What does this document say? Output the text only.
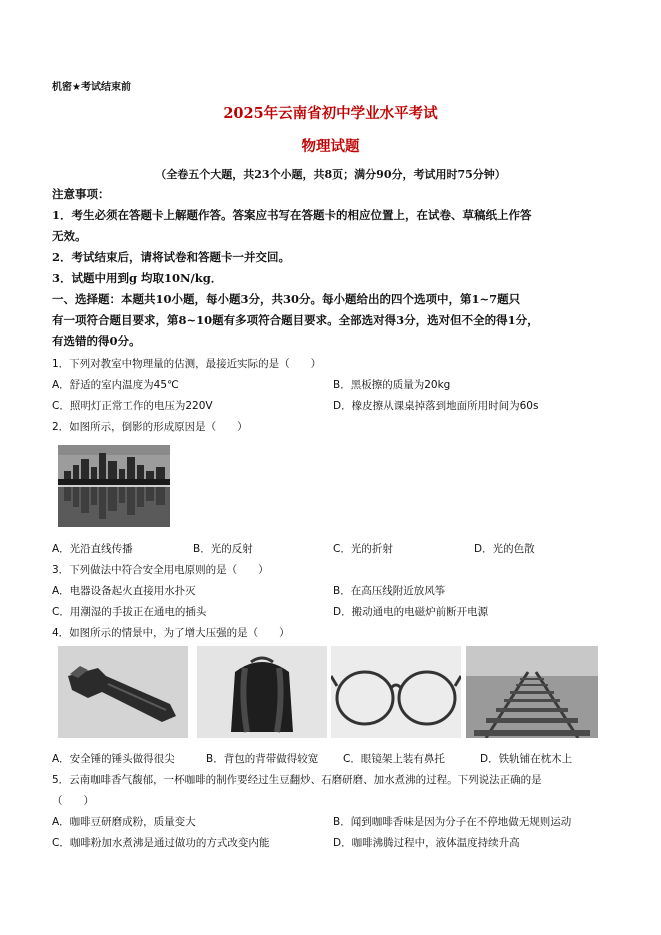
机密★考试结束前
2025年云南省初中学业水平考试
物理试题
（全卷五个大题，共23个小题，共8页；满分90分，考试用时75分钟）
注意事项：
1．考生必须在答题卡上解题作答。答案应书写在答题卡的相应位置上，在试卷、草稿纸上作答
无效。
2．考试结束后，请将试卷和答题卡一并交回。
3．试题中用到g 均取10N/kg．
一、选择题：本题共10小题，每小题3分，共30分。每小题给出的四个选项中，第1~7题只
有一项符合题目要求，第8~10题有多项符合题目要求。全部选对得3分，选对但不全的得1分，
有选错的得0分。
1．下列对教室中物理量的估测，最接近实际的是（　　）
A．舒适的室内温度为45℃	B．黑板擦的质量为20kg
C．照明灯正常工作的电压为220V	D．橡皮擦从课桌掉落到地面所用时间为60s
2．如图所示，倒影的形成原因是（　　）
A．光沿直线传播	B．光的反射	C．光的折射	D．光的色散
3．下列做法中符合安全用电原则的是（　　）
A．电器设备起火直接用水扑灭	B．在高压线附近放风筝
C．用潮湿的手拔正在通电的插头	D．搬动通电的电磁炉前断开电源
4．如图所示的情景中，为了增大压强的是（　　）
A．安全锤的锤头做得很尖	B．背包的背带做得较宽 C．眼镜架上装有鼻托	D．铁轨铺在枕木上
5．云南咖啡香气馥郁，一杯咖啡的制作要经过生豆翻炒、石磨研磨、加水煮沸的过程。下列说法正确的是
（　　）
A．咖啡豆研磨成粉，质量变大	B．闻到咖啡香味是因为分子在不停地做无规则运动
C．咖啡粉加水煮沸是通过做功的方式改变内能	D．咖啡沸腾过程中，液体温度持续升高
